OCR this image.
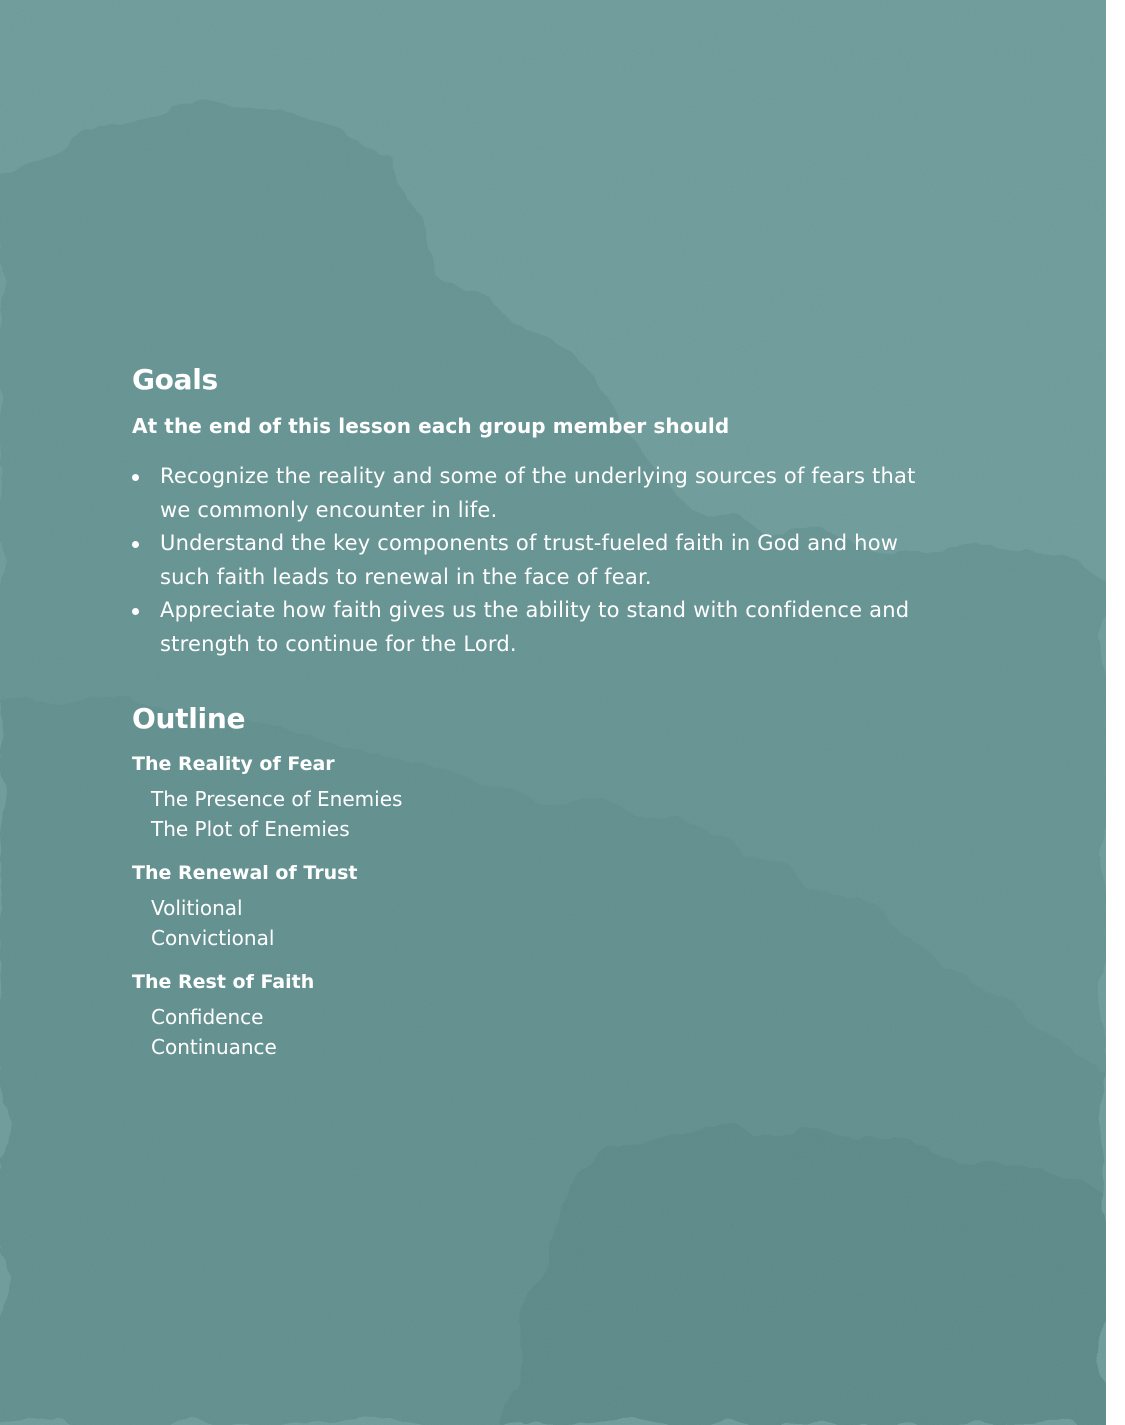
Goals

At the end of this lesson each group member should

Recognize the reality and some of the underlying sources of fears that we commonly encounter in life.
Understand the key components of trust-fueled faith in God and how such faith leads to renewal in the face of fear.
Appreciate how faith gives us the ability to stand with confidence and strength to continue for the Lord.
Outline

The Reality of Fear

The Presence of Enemies
The Plot of Enemies

The Renewal of Trust

Volitional
Convictional

The Rest of Faith

Confidence
Continuance
